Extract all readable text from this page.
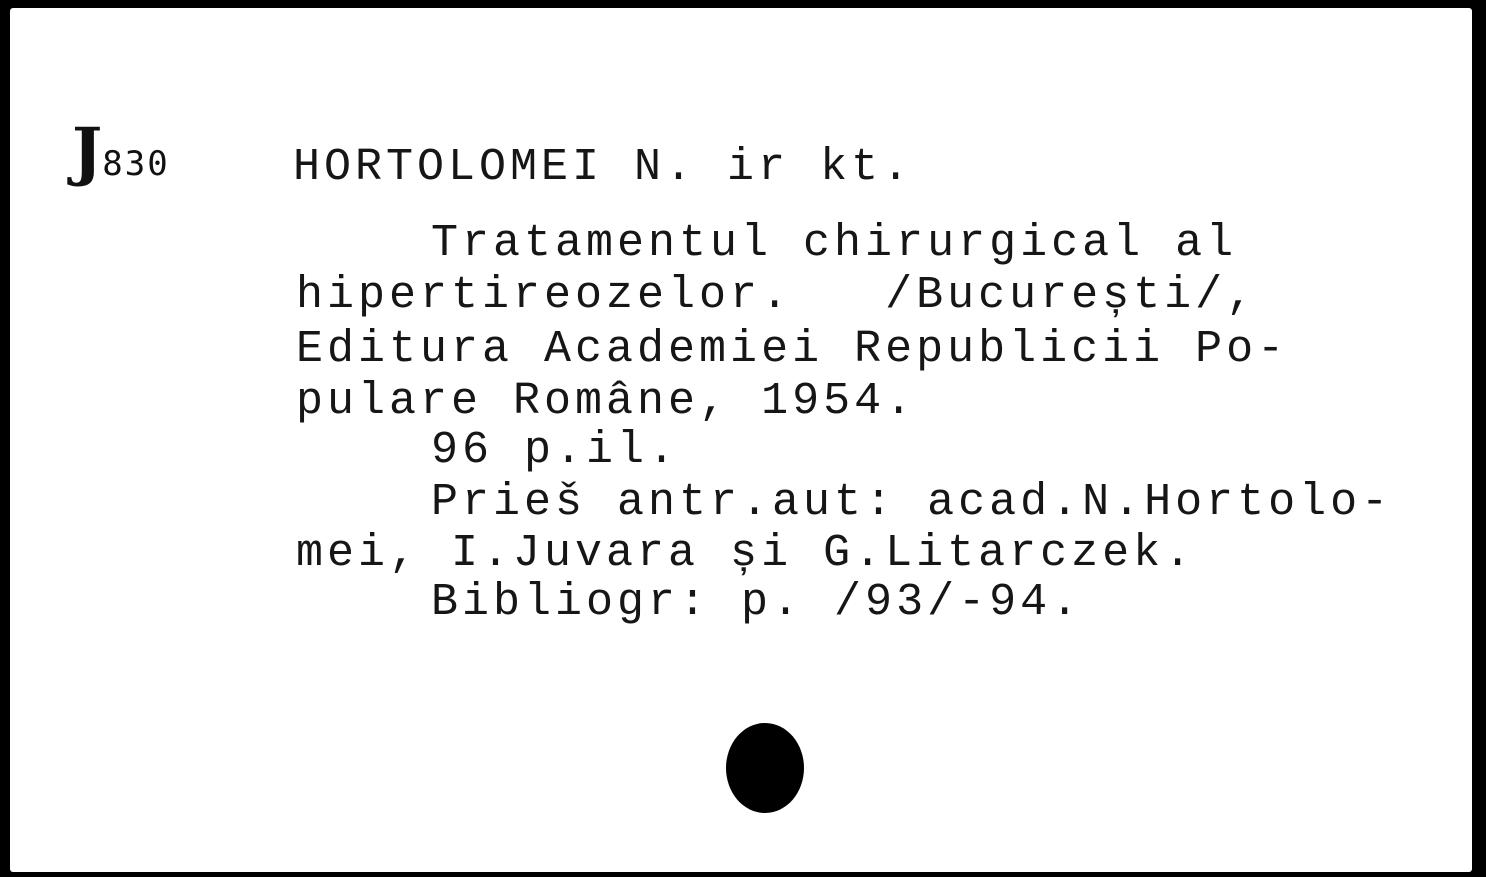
J830	HORTOLOMEI N. ir kt.
Tratamentul chirurgical al
hipertireozelor.   /București/,
Editura Academiei Republicii Po-
pulare Române, 1954.
96 p.il.
Prieš antr.aut: acad.N.Hortolo-
mei, I.Juvara și G.Litarczek.
Bibliogr: p. /93/-94.
